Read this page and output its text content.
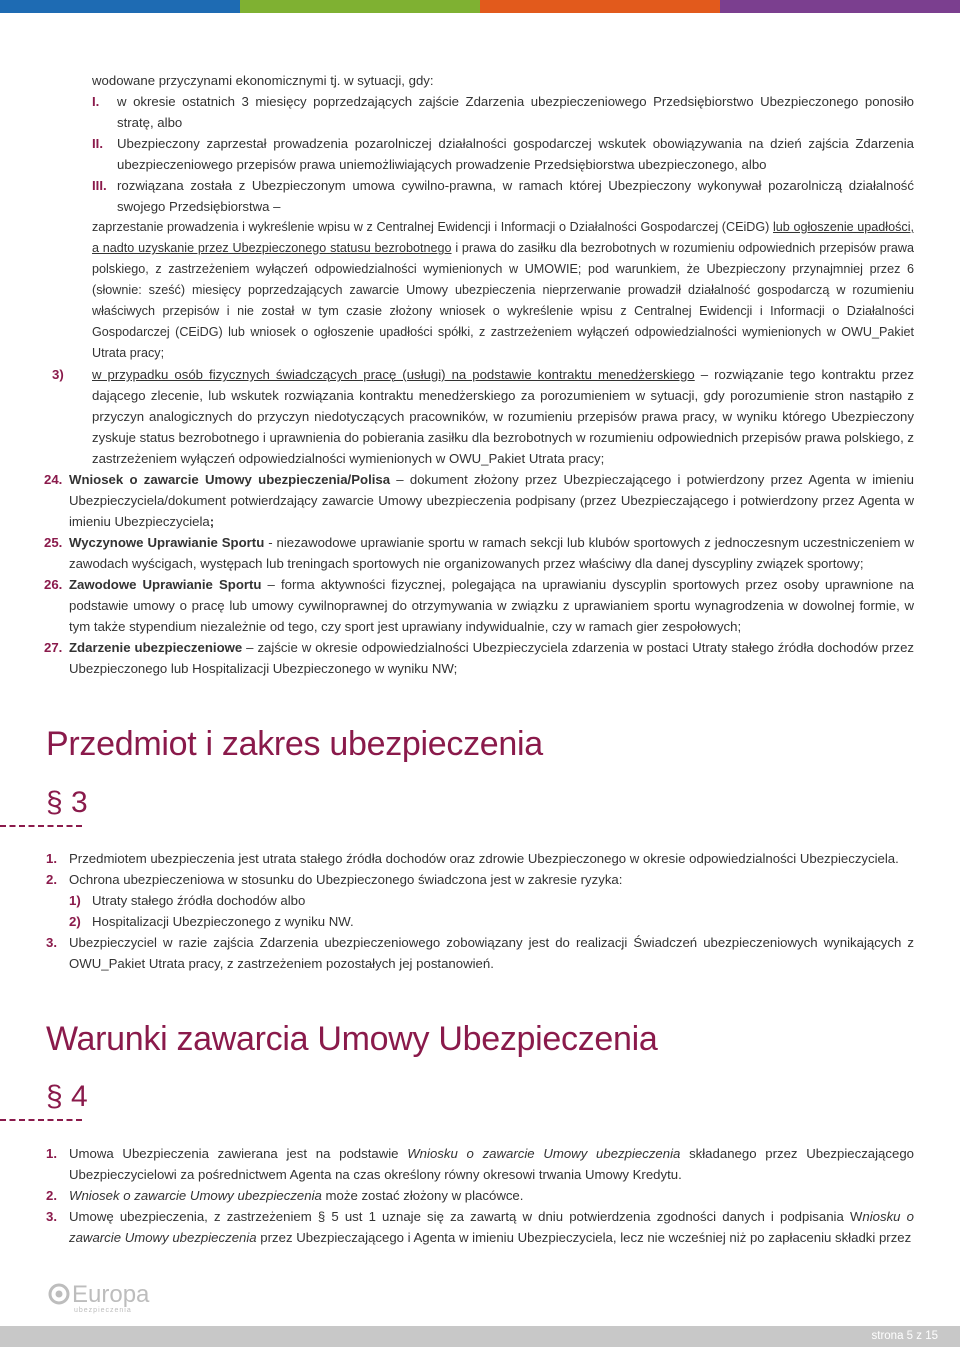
wodowane przyczynami ekonomicznymi tj. w sytuacji, gdy:
I. w okresie ostatnich 3 miesięcy poprzedzających zajście Zdarzenia ubezpieczeniowego Przedsiębiorstwo Ubezpieczonego ponosiło stratę, albo
II. Ubezpieczony zaprzestał prowadzenia pozarolniczej działalności gospodarczej wskutek obowiązywania na dzień zajścia Zdarzenia ubezpieczeniowego przepisów prawa uniemożliwiających prowadzenie Przedsiębiorstwa ubezpieczonego, albo
III. rozwiązana została z Ubezpieczonym umowa cywilno-prawna, w ramach której Ubezpieczony wykonywał pozarolniczą działalność swojego Przedsiębiorstwa –
zaprzestanie prowadzenia i wykreślenie wpisu w z Centralnej Ewidencji i Informacji o Działalności Gospodarczej (CEiDG) lub ogłoszenie upadłości, a nadto uzyskanie przez Ubezpieczonego statusu bezrobotnego i prawa do zasiłku dla bezrobotnych w rozumieniu odpowiednich przepisów prawa polskiego, z zastrzeżeniem wyłączeń odpowiedzialności wymienionych w UMOWIE; pod warunkiem, że Ubezpieczony przynajmniej przez 6 (słownie: sześć) miesięcy poprzedzających zawarcie Umowy ubezpieczenia nieprzerwanie prowadził działalność gospodarczą w rozumieniu właściwych przepisów i nie został w tym czasie złożony wniosek o wykreślenie wpisu z Centralnej Ewidencji i Informacji o Działalności Gospodarczej (CEiDG) lub wniosek o ogłoszenie upadłości spółki, z zastrzeżeniem wyłączeń odpowiedzialności wymienionych w OWU_Pakiet Utrata pracy;
3) w przypadku osób fizycznych świadczących pracę (usługi) na podstawie kontraktu menedżerskiego – rozwiązanie tego kontraktu przez dającego zlecenie, lub wskutek rozwiązania kontraktu menedżerskiego za porozumieniem w sytuacji, gdy porozumienie stron nastąpiło z przyczyn analogicznych do przyczyn niedotyczących pracowników, w rozumieniu przepisów prawa pracy, w wyniku którego Ubezpieczony zyskuje status bezrobotnego i uprawnienia do pobierania zasiłku dla bezrobotnych w rozumieniu odpowiednich przepisów prawa polskiego, z zastrzeżeniem wyłączeń odpowiedzialności wymienionych w OWU_Pakiet Utrata pracy;
24. Wniosek o zawarcie Umowy ubezpieczenia/Polisa – dokument złożony przez Ubezpieczającego i potwierdzony przez Agenta w imieniu Ubezpieczyciela/dokument potwierdzający zawarcie Umowy ubezpieczenia podpisany (przez Ubezpieczającego i potwierdzony przez Agenta w imieniu Ubezpieczyciela;
25. Wyczynowe Uprawianie Sportu - niezawodowe uprawianie sportu w ramach sekcji lub klubów sportowych z jednoczesnym uczestniczeniem w zawodach wyścigach, występach lub treningach sportowych nie organizowanych przez właściwy dla danej dyscypliny związek sportowy;
26. Zawodowe Uprawianie Sportu – forma aktywności fizycznej, polegająca na uprawianiu dyscyplin sportowych przez osoby uprawnione na podstawie umowy o pracę lub umowy cywilnoprawnej do otrzymywania w związku z uprawianiem sportu wynagrodzenia w dowolnej formie, w tym także stypendium niezależnie od tego, czy sport jest uprawiany indywidualnie, czy w ramach gier zespołowych;
27. Zdarzenie ubezpieczeniowe – zajście w okresie odpowiedzialności Ubezpieczyciela zdarzenia w postaci Utraty stałego źródła dochodów przez Ubezpieczonego lub Hospitalizacji Ubezpieczonego w wyniku NW;
Przedmiot i zakres ubezpieczenia
§ 3
1. Przedmiotem ubezpieczenia jest utrata stałego źródła dochodów oraz zdrowie Ubezpieczonego w okresie odpowiedzialności Ubezpieczyciela.
2. Ochrona ubezpieczeniowa w stosunku do Ubezpieczonego świadczona jest w zakresie ryzyka:
1) Utraty stałego źródła dochodów albo
2) Hospitalizacji Ubezpieczonego z wyniku NW.
3. Ubezpieczyciel w razie zajścia Zdarzenia ubezpieczeniowego zobowiązany jest do realizacji Świadczeń ubezpieczeniowych wynikających z OWU_Pakiet Utrata pracy, z zastrzeżeniem pozostałych jej postanowień.
Warunki zawarcia Umowy Ubezpieczenia
§ 4
1. Umowa Ubezpieczenia zawierana jest na podstawie Wniosku o zawarcie Umowy ubezpieczenia składanego przez Ubezpieczającego Ubezpieczycielowi za pośrednictwem Agenta na czas określony równy okresowi trwania Umowy Kredytu.
2. Wniosek o zawarcie Umowy ubezpieczenia może zostać złożony w placówce.
3. Umowę ubezpieczenia, z zastrzeżeniem § 5 ust 1 uznaje się za zawartą w dniu potwierdzenia zgodności danych i podpisania Wniosku o zawarcie Umowy ubezpieczenia przez Ubezpieczającego i Agenta w imieniu Ubezpieczyciela, lecz nie wcześniej niż po zapłaceniu składki przez
Europa
ubezpieczenia
strona 5 z 15
